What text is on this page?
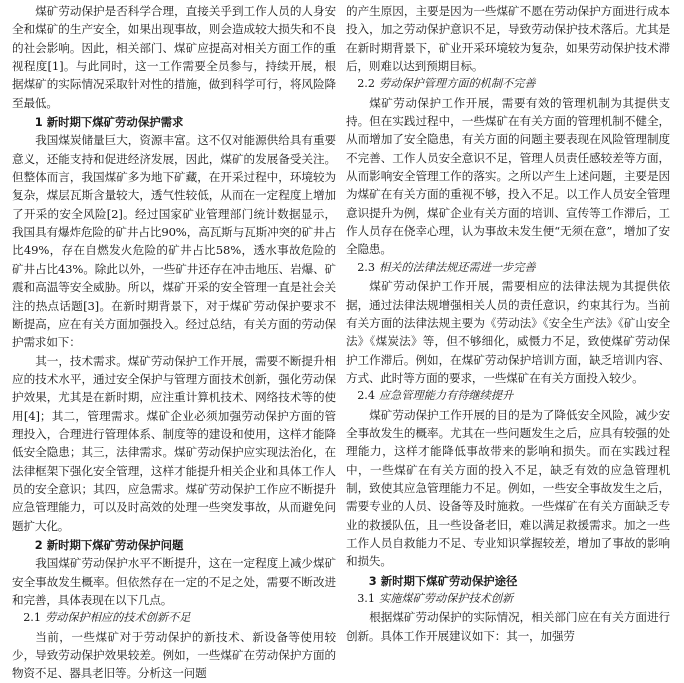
煤矿劳动保护是否科学合理，直接关乎到工作人员的人身安全和煤矿的生产安全，如果出现事故，则会造成较大损失和不良的社会影响。因此，相关部门、煤矿应提高对相关方面工作的重视程度[1]。与此同时，这一工作需要全员参与，持续开展，根据煤矿的实际情况采取针对性的措施，做到科学可行，将风险降至最低。

1 新时期下煤矿劳动保护需求

我国煤炭储量巨大，资源丰富。这不仅对能源供给具有重要意义，还能支持和促进经济发展，因此，煤矿的发展备受关注。但整体而言，我国煤矿多为地下矿藏，在开采过程中，环境较为复杂，煤层瓦斯含量较大，透气性较低，从而在一定程度上增加了开采的安全风险[2]。经过国家矿业管理部门统计数据显示，我国具有爆炸危险的矿井占比90%，高瓦斯与瓦斯冲突的矿井占比49%，存在自燃发火危险的矿井占比58%，透水事故危险的矿井占比43%。除此以外，一些矿井还存在冲击地压、岩爆、矿震和高温等安全威胁。所以，煤矿开采的安全管理一直是社会关注的热点话题[3]。在新时期背景下，对于煤矿劳动保护要求不断提高，应在有关方面加强投入。经过总结，有关方面的劳动保护需求如下：

其一，技术需求。煤矿劳动保护工作开展，需要不断提升相应的技术水平，通过安全保护与管理方面技术创新，强化劳动保护效果，尤其是在新时期，应注重计算机技术、网络技术等的使用[4]；其二，管理需求。煤矿企业必须加强劳动保护方面的管理投入，合理进行管理体系、制度等的建设和使用，这样才能降低安全隐患；其三，法律需求。煤矿劳动保护应实现法治化，在法律框架下强化安全管理，这样才能提升相关企业和具体工作人员的安全意识；其四，应急需求。煤矿劳动保护工作应不断提升应急管理能力，可以及时高效的处理一些突发事故，从而避免问题扩大化。

2 新时期下煤矿劳动保护问题

我国煤矿劳动保护水平不断提升，这在一定程度上减少煤矿安全事故发生概率。但依然存在一定的不足之处，需要不断改进和完善，具体表现在以下几点。

2.1 劳动保护相应的技术创新不足

当前，一些煤矿对于劳动保护的新技术、新设备等使用较少，导致劳动保护效果较差。例如，一些煤矿在劳动保护方面的物资不足、器具老旧等。分析这一问题

的产生原因，主要是因为一些煤矿不愿在劳动保护方面进行成本投入，加之劳动保护意识不足，导致劳动保护技术落后。尤其是在新时期背景下，矿业开采环境较为复杂，如果劳动保护技术滞后，则难以达到预期目标。

2.2 劳动保护管理方面的机制不完善

煤矿劳动保护工作开展，需要有效的管理机制为其提供支持。但在实践过程中，一些煤矿在有关方面的管理机制不健全，从而增加了安全隐患，有关方面的问题主要表现在风险管理制度不完善、工作人员安全意识不足，管理人员责任感较差等方面，从而影响安全管理工作的落实。之所以产生上述问题，主要是因为煤矿在有关方面的重视不够，投入不足。以工作人员安全管理意识提升为例，煤矿企业有关方面的培训、宣传等工作滞后，工作人员存在侥幸心理，认为事故未发生便“无须在意”，增加了安全隐患。

2.3 相关的法律法规还需进一步完善

煤矿劳动保护工作开展，需要相应的法律法规为其提供依据，通过法律法规增强相关人员的责任意识，约束其行为。当前有关方面的法律法规主要为《劳动法》《安全生产法》《矿山安全法》《煤炭法》等，但不够细化，威慑力不足，致使煤矿劳动保护工作滞后。例如，在煤矿劳动保护培训方面，缺乏培训内容、方式、此时等方面的要求，一些煤矿在有关方面投入较少。

2.4 应急管理能力有待继续提升

煤矿劳动保护工作开展的目的是为了降低安全风险，减少安全事故发生的概率。尤其在一些问题发生之后，应具有较强的处理能力，这样才能降低事故带来的影响和损失。而在实践过程中，一些煤矿在有关方面的投入不足，缺乏有效的应急管理机制，致使其应急管理能力不足。例如，一些安全事故发生之后，需要专业的人员、设备等及时施救。一些煤矿在有关方面缺乏专业的救援队伍，且一些设备老旧，难以满足救援需求。加之一些工作人员自救能力不足、专业知识掌握较差，增加了事故的影响和损失。

3 新时期下煤矿劳动保护途径
3.1 实施煤矿劳动保护技术创新

根据煤矿劳动保护的实际情况，相关部门应在有关方面进行创新。具体工作开展建议如下：其一，加强劳
